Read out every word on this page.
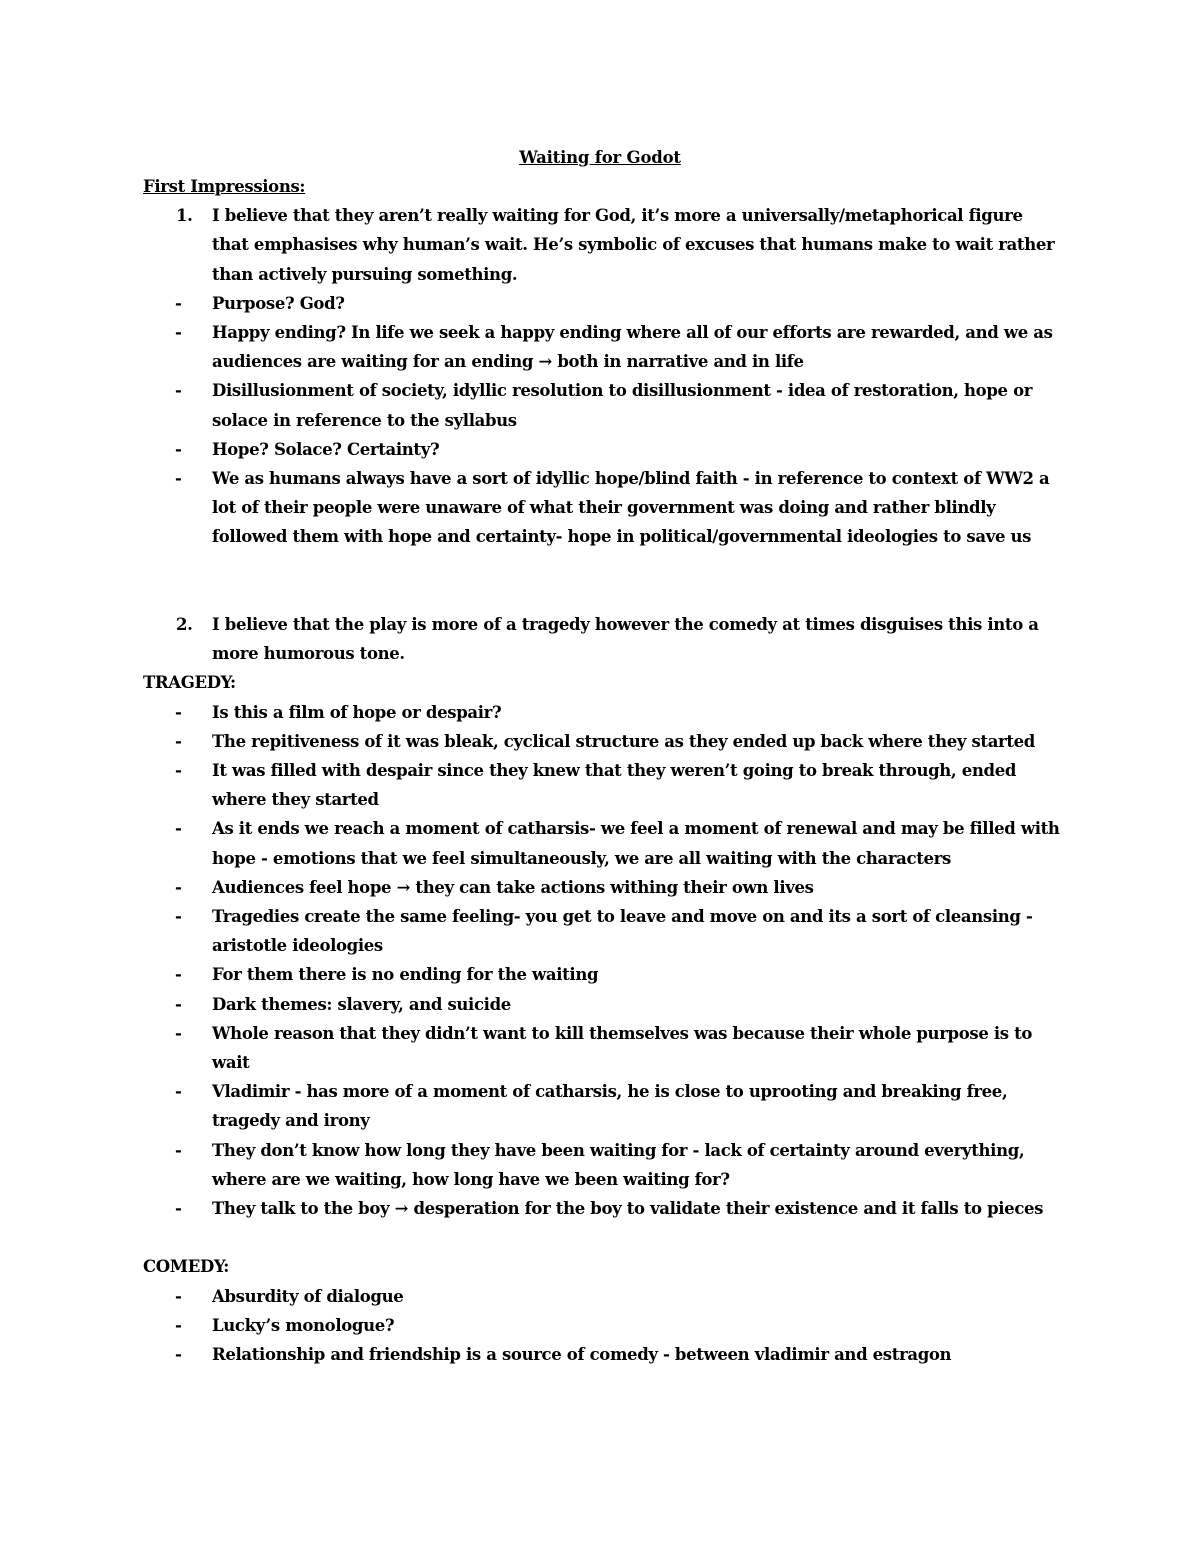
Waiting for Godot
First Impressions:
1. I believe that they aren’t really waiting for God, it’s more a universally/metaphorical figure that emphasises why human’s wait. He’s symbolic of excuses that humans make to wait rather than actively pursuing something.
- Purpose? God?
- Happy ending? In life we seek a happy ending where all of our efforts are rewarded, and we as audiences are waiting for an ending → both in narrative and in life
- Disillusionment of society, idyllic resolution to disillusionment - idea of restoration, hope or solace in reference to the syllabus
- Hope? Solace? Certainty?
- We as humans always have a sort of idyllic hope/blind faith - in reference to context of WW2 a lot of their people were unaware of what their government was doing and rather blindly followed them with hope and certainty- hope in political/governmental ideologies to save us
2. I believe that the play is more of a tragedy however the comedy at times disguises this into a more humorous tone.
TRAGEDY:
- Is this a film of hope or despair?
- The repitiveness of it was bleak, cyclical structure as they ended up back where they started
- It was filled with despair since they knew that they weren’t going to break through, ended where they started
- As it ends we reach a moment of catharsis- we feel a moment of renewal and may be filled with hope - emotions that we feel simultaneously, we are all waiting with the characters
- Audiences feel hope → they can take actions withing their own lives
- Tragedies create the same feeling- you get to leave and move on and its a sort of cleansing - aristotle ideologies
- For them there is no ending for the waiting
- Dark themes: slavery, and suicide
- Whole reason that they didn’t want to kill themselves was because their whole purpose is to wait
- Vladimir - has more of a moment of catharsis, he is close to uprooting and breaking free, tragedy and irony
- They don’t know how long they have been waiting for - lack of certainty around everything, where are we waiting, how long have we been waiting for?
- They talk to the boy → desperation for the boy to validate their existence and it falls to pieces
COMEDY:
- Absurdity of dialogue
- Lucky’s monologue?
- Relationship and friendship is a source of comedy - between vladimir and estragon
